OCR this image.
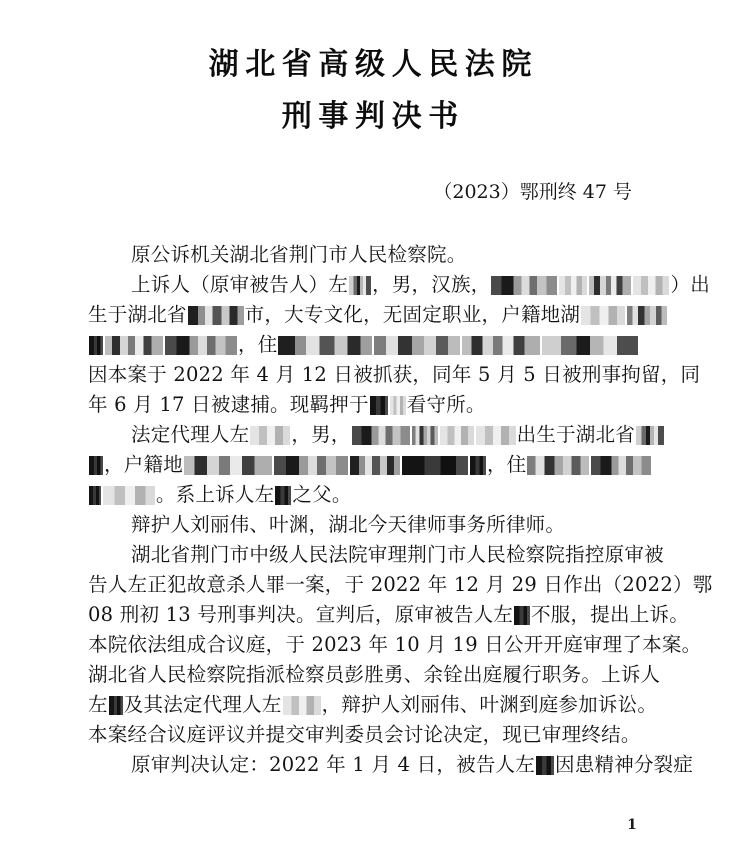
湖北省高级人民法院
刑事判决书
（2023）鄂刑终 47 号
原公诉机关湖北省荆门市人民检察院。
上诉人（原审被告人）左 ，男，汉族，	）出
生于湖北省	市，大专文化，无固定职业，户籍地湖
，住
因本案于 2022 年 4 月 12 日被抓获，同年 5 月 5 日被刑事拘留，同
年 6 月 17 日被逮捕。现羁押于 看守所。
法定代理人左 ，男，	出生于湖北省
，户籍地	，住
。系上诉人左 之父。
辩护人刘丽伟、叶渊，湖北今天律师事务所律师。
湖北省荆门市中级人民法院审理荆门市人民检察院指控原审被
告人左正犯故意杀人罪一案，于 2022 年 12 月 29 日作出（2022）鄂
08 刑初 13 号刑事判决。宣判后，原审被告人左 不服，提出上诉。
本院依法组成合议庭，于 2023 年 10 月 19 日公开开庭审理了本案。
湖北省人民检察院指派检察员彭胜勇、余铨出庭履行职务。上诉人
左 及其法定代理人左 ，辩护人刘丽伟、叶渊到庭参加诉讼。
本案经合议庭评议并提交审判委员会讨论决定，现已审理终结。
原审判决认定：2022 年 1 月 4 日，被告人左 因患精神分裂症
1
